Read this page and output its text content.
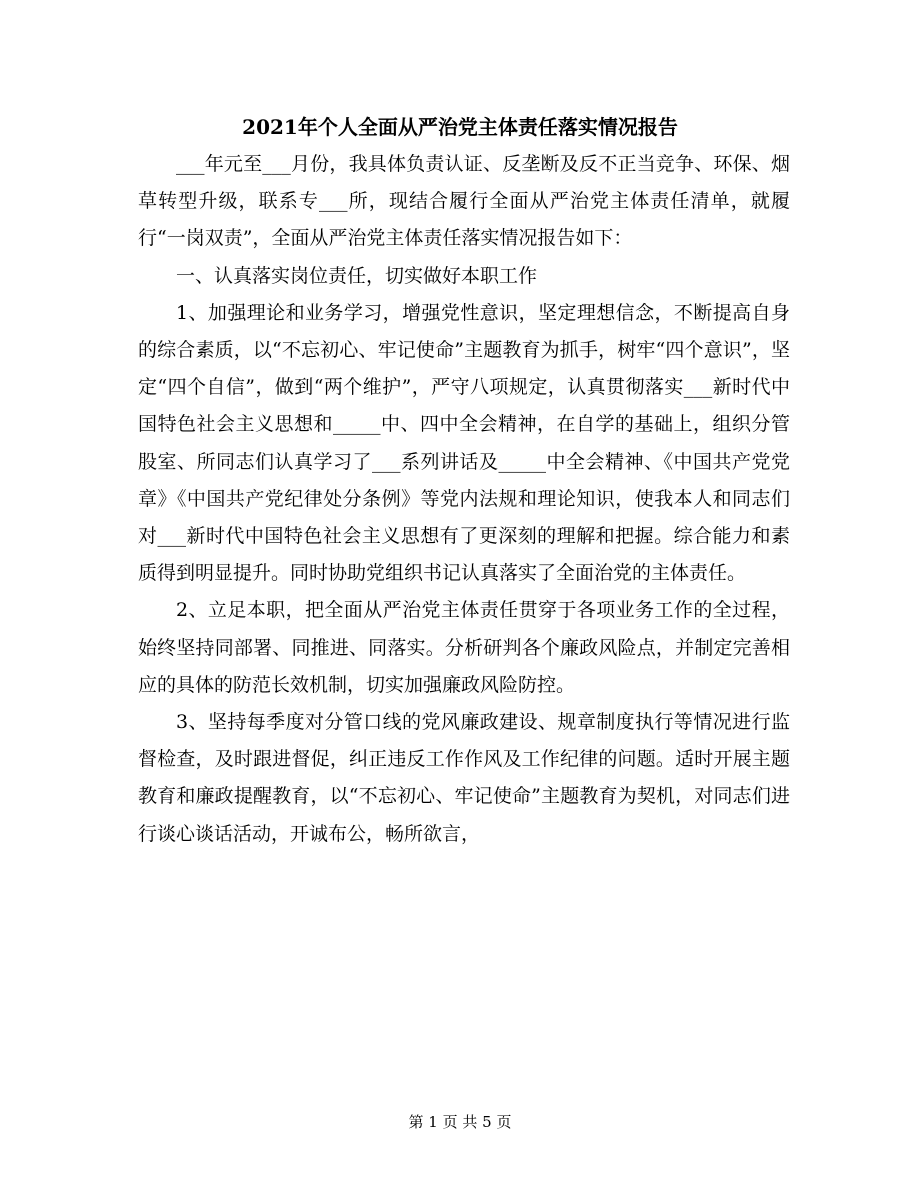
2021年个人全面从严治党主体责任落实情况报告

___年元至___月份，我具体负责认证、反垄断及反不正当竞争、环保、烟草转型升级，联系专___所，现结合履行全面从严治党主体责任清单，就履行“一岗双责”，全面从严治党主体责任落实情况报告如下：

一、认真落实岗位责任，切实做好本职工作

1、加强理论和业务学习，增强党性意识，坚定理想信念，不断提高自身的综合素质，以“不忘初心、牢记使命”主题教育为抓手，树牢“四个意识”，坚定“四个自信”，做到“两个维护”，严守八项规定，认真贯彻落实___新时代中国特色社会主义思想和_____中、四中全会精神，在自学的基础上，组织分管股室、所同志们认真学习了___系列讲话及_____中全会精神、《中国共产党党章》《中国共产党纪律处分条例》等党内法规和理论知识，使我本人和同志们对___新时代中国特色社会主义思想有了更深刻的理解和把握。综合能力和素质得到明显提升。同时协助党组织书记认真落实了全面治党的主体责任。

2、立足本职，把全面从严治党主体责任贯穿于各项业务工作的全过程，始终坚持同部署、同推进、同落实。分析研判各个廉政风险点，并制定完善相应的具体的防范长效机制，切实加强廉政风险防控。

3、坚持每季度对分管口线的党风廉政建设、规章制度执行等情况进行监督检查，及时跟进督促，纠正违反工作作风及工作纪律的问题。适时开展主题教育和廉政提醒教育，以“不忘初心、牢记使命”主题教育为契机，对同志们进行谈心谈话活动，开诚布公，畅所欲言，

第 1 页 共 5 页
